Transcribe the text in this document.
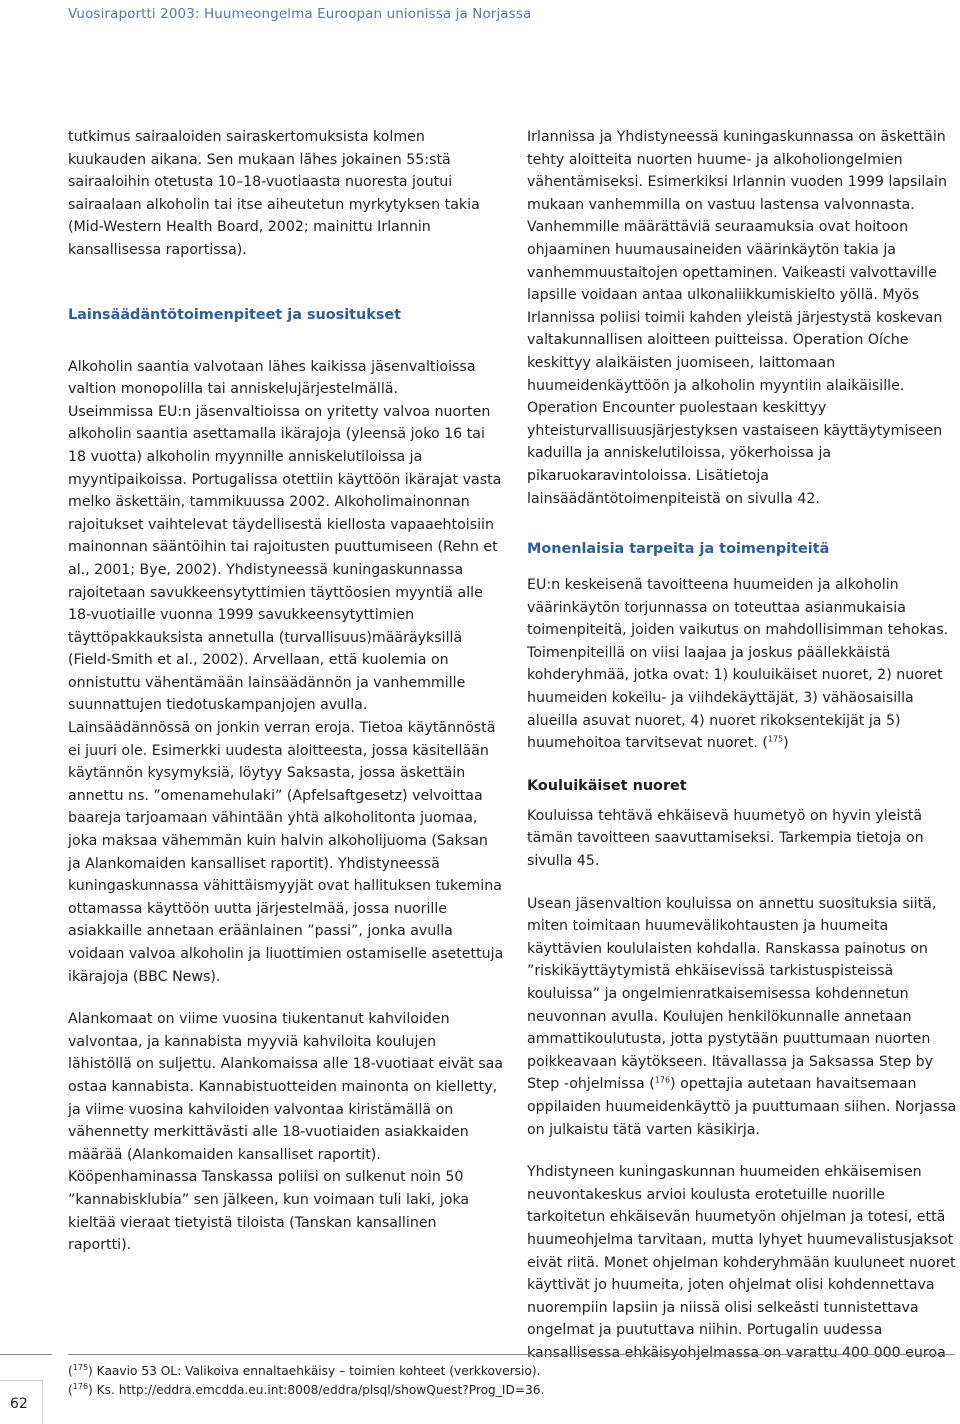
Vuosiraportti 2003: Huumeongelma Euroopan unionissa ja Norjassa

tutkimus sairaaloiden sairaskertomuksista kolmen kuukauden aikana. Sen mukaan lähes jokainen 55:stä sairaaloihin otetusta 10–18-vuotiaasta nuoresta joutui sairaalaan alkoholin tai itse aiheutetun myrkytyksen takia (Mid-Western Health Board, 2002; mainittu Irlannin kansallisessa raportissa).

Lainsäädäntötoimenpiteet ja suositukset

Alkoholin saantia valvotaan lähes kaikissa jäsenvaltioissa valtion monopolilla tai anniskelujärjestelmällä.

Useimmissa EU:n jäsenvaltioissa on yritetty valvoa nuorten alkoholin saantia asettamalla ikärajoja (yleensä joko 16 tai 18 vuotta) alkoholin myynnille anniskelutiloissa ja myyntipaikoissa. Portugalissa otettiin käyttöön ikärajat vasta melko äskettäin, tammikuussa 2002. Alkoholimainonnan rajoitukset vaihtelevat täydellisestä kiellosta vapaaehtoisiin mainonnan sääntöihin tai rajoitusten puuttumiseen (Rehn et al., 2001; Bye, 2002). Yhdistyneessä kuningaskunnassa rajoitetaan savukkeensytyttimien täyttöosien myyntiä alle 18-vuotiaille vuonna 1999 savukkeensytyttimien täyttöpakkauksista annetulla (turvallisuus)määräyksillä (Field-Smith et al., 2002). Arvellaan, että kuolemia on onnistuttu vähentämään lainsäädännön ja vanhemmille suunnattujen tiedotuskampanjojen avulla.

Lainsäädännössä on jonkin verran eroja. Tietoa käytännöstä ei juuri ole. Esimerkki uudesta aloitteesta, jossa käsitellään käytännön kysymyksiä, löytyy Saksasta, jossa äskettäin annettu ns. ”omenamehulaki” (Apfelsaftgesetz) velvoittaa baareja tarjoamaan vähintään yhtä alkoholitonta juomaa, joka maksaa vähemmän kuin halvin alkoholijuoma (Saksan ja Alankomaiden kansalliset raportit). Yhdistyneessä kuningaskunnassa vähittäismyyjät ovat hallituksen tukemina ottamassa käyttöön uutta järjestelmää, jossa nuorille asiakkaille annetaan eräänlainen ”passi”, jonka avulla voidaan valvoa alkoholin ja liuottimien ostamiselle asetettuja ikärajoja (BBC News).

Alankomaat on viime vuosina tiukentanut kahviloiden valvontaa, ja kannabista myyviä kahviloita koulujen lähistöllä on suljettu. Alankomaissa alle 18-vuotiaat eivät saa ostaa kannabista. Kannabistuotteiden mainonta on kielletty, ja viime vuosina kahviloiden valvontaa kiristämällä on vähennetty merkittävästi alle 18-vuotiaiden asiakkaiden määrää (Alankomaiden kansalliset raportit).

Kööpenhaminassa Tanskassa poliisi on sulkenut noin 50 ”kannabisklubia” sen jälkeen, kun voimaan tuli laki, joka kieltää vieraat tietyistä tiloista (Tanskan kansallinen raportti).

Irlannissa ja Yhdistyneessä kuningaskunnassa on äskettäin tehty aloitteita nuorten huume- ja alkoholiongelmien vähentämiseksi. Esimerkiksi Irlannin vuoden 1999 lapsilain mukaan vanhemmilla on vastuu lastensa valvonnasta. Vanhemmille määrättäviä seuraamuksia ovat hoitoon ohjaaminen huumausaineiden väärinkäytön takia ja vanhemmuustaitojen opettaminen. Vaikeasti valvottaville lapsille voidaan antaa ulkonaliikkumiskielto yöllä. Myös Irlannissa poliisi toimii kahden yleistä järjestystä koskevan valtakunnallisen aloitteen puitteissa. Operation Oíche keskittyy alaikäisten juomiseen, laittomaan huumeidenkäyttöön ja alkoholin myyntiin alaikäisille. Operation Encounter puolestaan keskittyy yhteisturvallisuusjärjestyksen vastaiseen käyttäytymiseen kaduilla ja anniskelutiloissa, yökerhoissa ja pikaruokaravintoloissa. Lisätietoja lainsäädäntötoimenpiteistä on sivulla 42.

Monenlaisia tarpeita ja toimenpiteitä

EU:n keskeisenä tavoitteena huumeiden ja alkoholin väärinkäytön torjunnassa on toteuttaa asianmukaisia toimenpiteitä, joiden vaikutus on mahdollisimman tehokas. Toimenpiteillä on viisi laajaa ja joskus päällekkäistä kohderyhmää, jotka ovat: 1) kouluikäiset nuoret, 2) nuoret huumeiden kokeilu- ja viihdekäyttäjät, 3) vähäosaisilla alueilla asuvat nuoret, 4) nuoret rikoksentekijät ja 5) huumehoitoa tarvitsevat nuoret. ($^{175}$)

Kouluikäiset nuoret

Kouluissa tehtävä ehkäisevä huumetyö on hyvin yleistä tämän tavoitteen saavuttamiseksi. Tarkempia tietoja on sivulla 45.

Usean jäsenvaltion kouluissa on annettu suosituksia siitä, miten toimitaan huumevälikohtausten ja huumeita käyttävien koululaisten kohdalla. Ranskassa painotus on ”riskikäyttäytymistä ehkäisevissä tarkistuspisteissä kouluissa” ja ongelmienratkaisemisessa kohdennetun neuvonnan avulla. Koulujen henkilökunnalle annetaan ammattikoulutusta, jotta pystytään puuttumaan nuorten poikkeavaan käytökseen. Itävallassa ja Saksassa Step by Step -ohjelmissa ($^{176}$) opettajia autetaan havaitsemaan oppilaiden huumeidenkäyttö ja puuttumaan siihen. Norjassa on julkaistu tätä varten käsikirja.

Yhdistyneen kuningaskunnan huumeiden ehkäisemisen neuvontakeskus arvioi koulusta erotetuille nuorille tarkoitetun ehkäisevän huumetyön ohjelman ja totesi, että huumeohjelma tarvitaan, mutta lyhyet huumevalistusjaksot eivät riitä. Monet ohjelman kohderyhmään kuuluneet nuoret käyttivät jo huumeita, joten ohjelmat olisi kohdennettava nuorempiin lapsiin ja niissä olisi selkeästi tunnistettava ongelmat ja puututtava niihin. Portugalin uudessa kansallisessa ehkäisyohjelmassa on varattu 400 000 euroa

($^{175}$) Kaavio 53 OL: Valikoiva ennaltaehkäisy – toimien kohteet (verkkoversio).
($^{176}$) Ks. http://eddra.emcdda.eu.int:8008/eddra/plsql/showQuest?Prog_ID=36.
62
